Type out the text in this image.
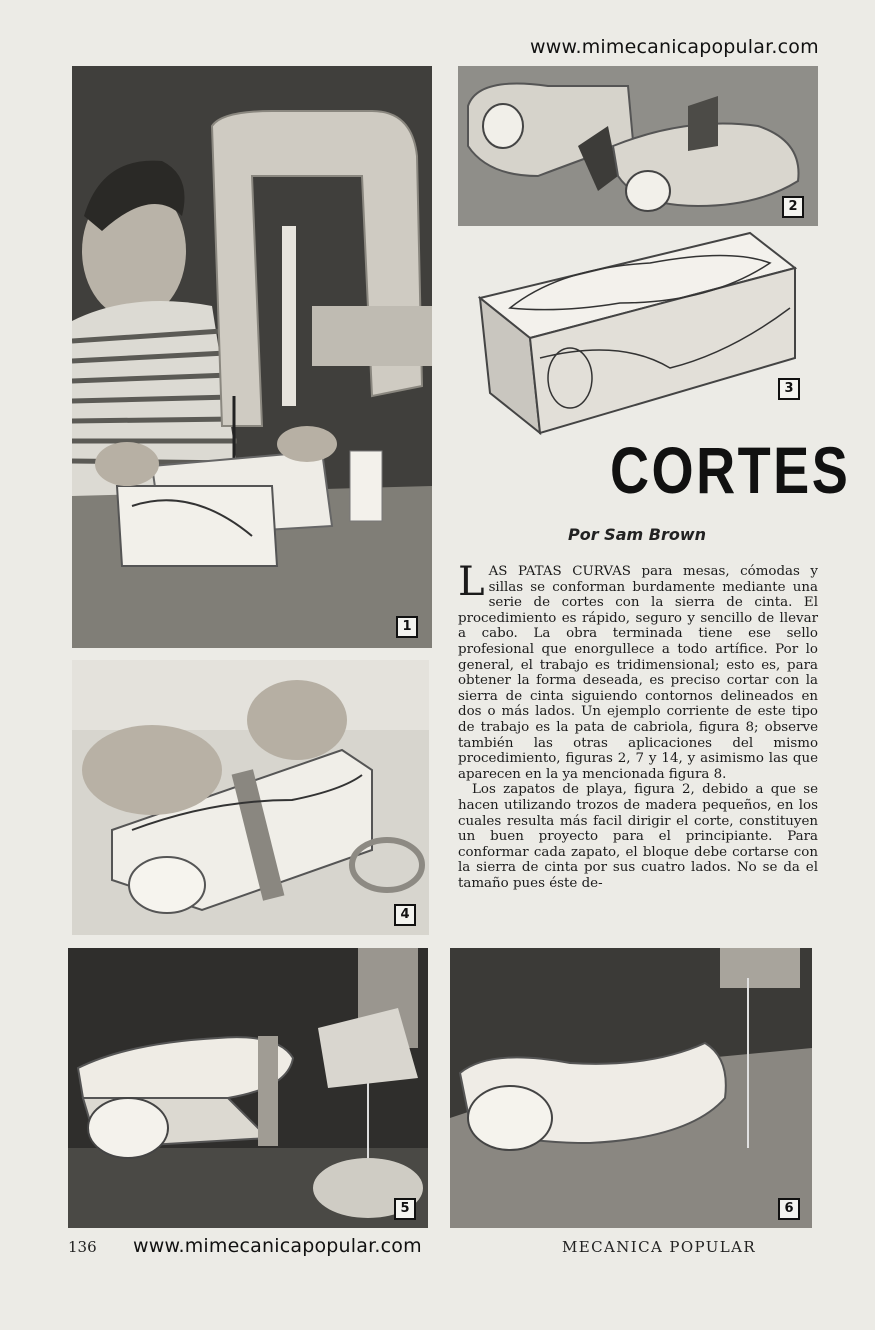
www.mimecanicapopular.com
1
2
3
CORTES
Por Sam Brown

LAS PATAS CURVAS para mesas, cómodas y sillas se conforman burdamente mediante una serie de cortes con la sierra de cinta. El procedimiento es rápido, seguro y sencillo de llevar a cabo. La obra terminada tiene ese sello profesional que enorgullece a todo artífice. Por lo general, el trabajo es tridimensional; esto es, para obtener la forma deseada, es preciso cortar con la sierra de cinta siguiendo contornos delineados en dos o más lados. Un ejemplo corriente de este tipo de trabajo es la pata de cabriola, figura 8; observe también las otras aplicaciones del mismo procedimiento, figuras 2, 7 y 14, y asimismo las que aparecen en la ya mencionada figura 8.

Los zapatos de playa, figura 2, debido a que se hacen utilizando trozos de madera pequeños, en los cuales resulta más facil dirigir el corte, constituyen un buen proyecto para el principiante. Para conformar cada zapato, el bloque debe cortarse con la sierra de cinta por sus cuatro lados. No se da el tamaño pues éste de-

4
5	6
136 www.mimecanicapopular.com	MECANICA POPULAR
